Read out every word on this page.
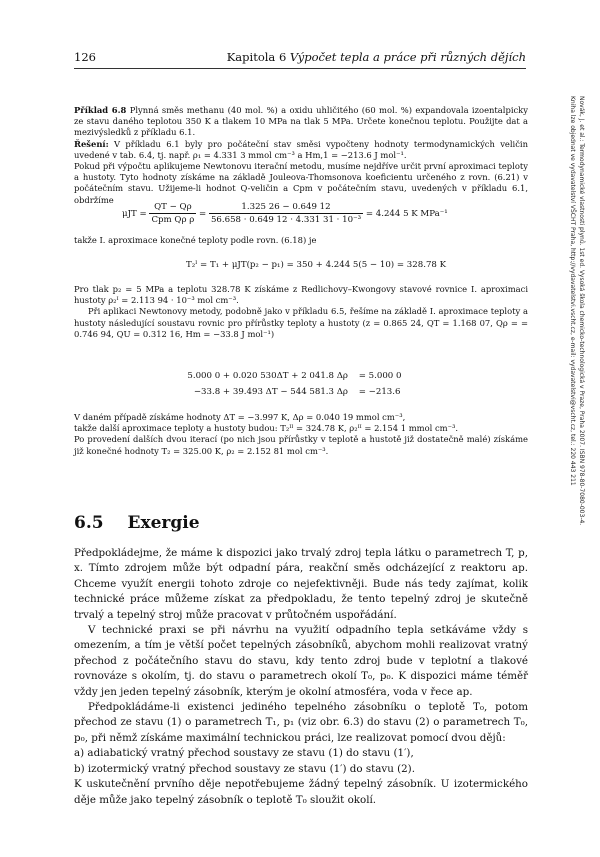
126	Kapitola 6 Výpočet tepla a práce při různých dějích
Novák, J. et al.: Termodynamické vlastnosti plynů. 1st ed. Vysoká škola chemicko-technologická v Praze, Praha 2007. ISBN 978-80-7080-003-4.
Kniha lze objednat ve vydavatelství VŠCHT Praha, http://vydavatelstvi.vscht.cz, e-mail: vydavatelstvi@vscht.cz, tel.: 220 443 211

Příklad 6.8 Plynná směs methanu (40 mol. %) a oxidu uhličitého (60 mol. %) expandovala izoentalpicky ze stavu daného teplotou 350 K a tlakem 10 MPa na tlak 5 MPa. Určete konečnou teplotu. Použijte dat a mezivýsledků z příkladu 6.1.

Řešení: V příkladu 6.1 byly pro počáteční stav směsi vypočteny hodnoty termodynamických veličin uvedené v tab. 6.4, tj. např. ρ₁ = 4.331 3 mmol cm⁻³ a Hm,1 = −213.6 J mol⁻¹.

Pokud při výpočtu aplikujeme Newtonovu iterační metodu, musíme nejdříve určit první aproximaci teploty a hustoty. Tyto hodnoty získáme na základě Jouleova-Thomsonova koeficientu určeného z rovn. (6.21) v počátečním stavu. Užijeme-li hodnot Q-veličin a Cpm v počátečním stavu, uvedených v příkladu 6.1, obdržíme

$\mu JT = \frac{QT - Q\rho}{\text{Cpm Qρ ρ}} = \frac{1.325 26 - 0.649 12}{\text{56.658 · 0.649 12 · 4.331 31 · 10⁻³}} = 4.244$ 5 K MPa⁻¹
takže I. aproximace konečné teploty podle rovn. (6.18) je
T₂ᴵ = T₁ + μJT(p₂ − p₁) = 350 + 4.244 5(5 − 10) = 328.78 K

Pro tlak p₂ = 5 MPa a teplotu 328.78 K získáme z Redlichovy–Kwongovy stavové rovnice I. aproximaci hustoty ρ₂ᴵ = 2.113 94 · 10⁻³ mol cm⁻³.

Při aplikaci Newtonovy metody, podobně jako v příkladu 6.5, řešíme na základě I. aproximace teploty a hustoty následující soustavu rovnic pro přírůstky teploty a hustoty (z = 0.865 24, QT = 1.168 07, Qρ = = 0.746 94, QU = 0.312 16, Hm = −33.8 J mol⁻¹)

5.000 0 + 0.020 530ΔT + 2 041.8 Δρ = 5.000 0
−33.8 + 39.493 ΔT − 544 581.3 Δρ = −213.6

V daném případě získáme hodnoty ΔT = −3.997 K, Δρ = 0.040 19 mmol cm⁻³,

takže další aproximace teploty a hustoty budou: T₂ᴵᴵ = 324.78 K, ρ₂ᴵᴵ = 2.154 1 mmol cm⁻³.

Po provedení dalších dvou iterací (po nich jsou přírůstky v teplotě a hustotě již dostatečně malé) získáme již konečné hodnoty T₂ = 325.00 K, ρ₂ = 2.152 81 mol cm⁻³.

6.5 Exergie

Předpokládejme, že máme k dispozici jako trvalý zdroj tepla látku o parametrech T, p, x. Tímto zdrojem může být odpadní pára, reakční směs odcházející z reaktoru ap. Chceme využít energii tohoto zdroje co nejefektivněji. Bude nás tedy zajímat, kolik technické práce můžeme získat za předpokladu, že tento tepelný zdroj je skutečně trvalý a tepelný stroj může pracovat v průtočném uspořádání.

V technické praxi se při návrhu na využití odpadního tepla setkáváme vždy s omezením, a tím je větší počet tepelných zásobníků, abychom mohli realizovat vratný přechod z počátečního stavu do stavu, kdy tento zdroj bude v teplotní a tlakové rovnováze s okolím, tj. do stavu o parametrech okolí T₀, p₀. K dispozici máme téměř vždy jen jeden tepelný zásobník, kterým je okolní atmosféra, voda v řece ap.

Předpokládáme-li existenci jediného tepelného zásobníku o teplotě T₀, potom přechod ze stavu (1) o parametrech T₁, p₁ (viz obr. 6.3) do stavu (2) o parametrech T₀, p₀, při němž získáme maximální technickou práci, lze realizovat pomocí dvou dějů:

a) adiabatický vratný přechod soustavy ze stavu (1) do stavu (1′),

b) izotermický vratný přechod soustavy ze stavu (1′) do stavu (2).

K uskutečnění prvního děje nepotřebujeme žádný tepelný zásobník. U izotermického děje může jako tepelný zásobník o teplotě T₀ sloužit okolí.
